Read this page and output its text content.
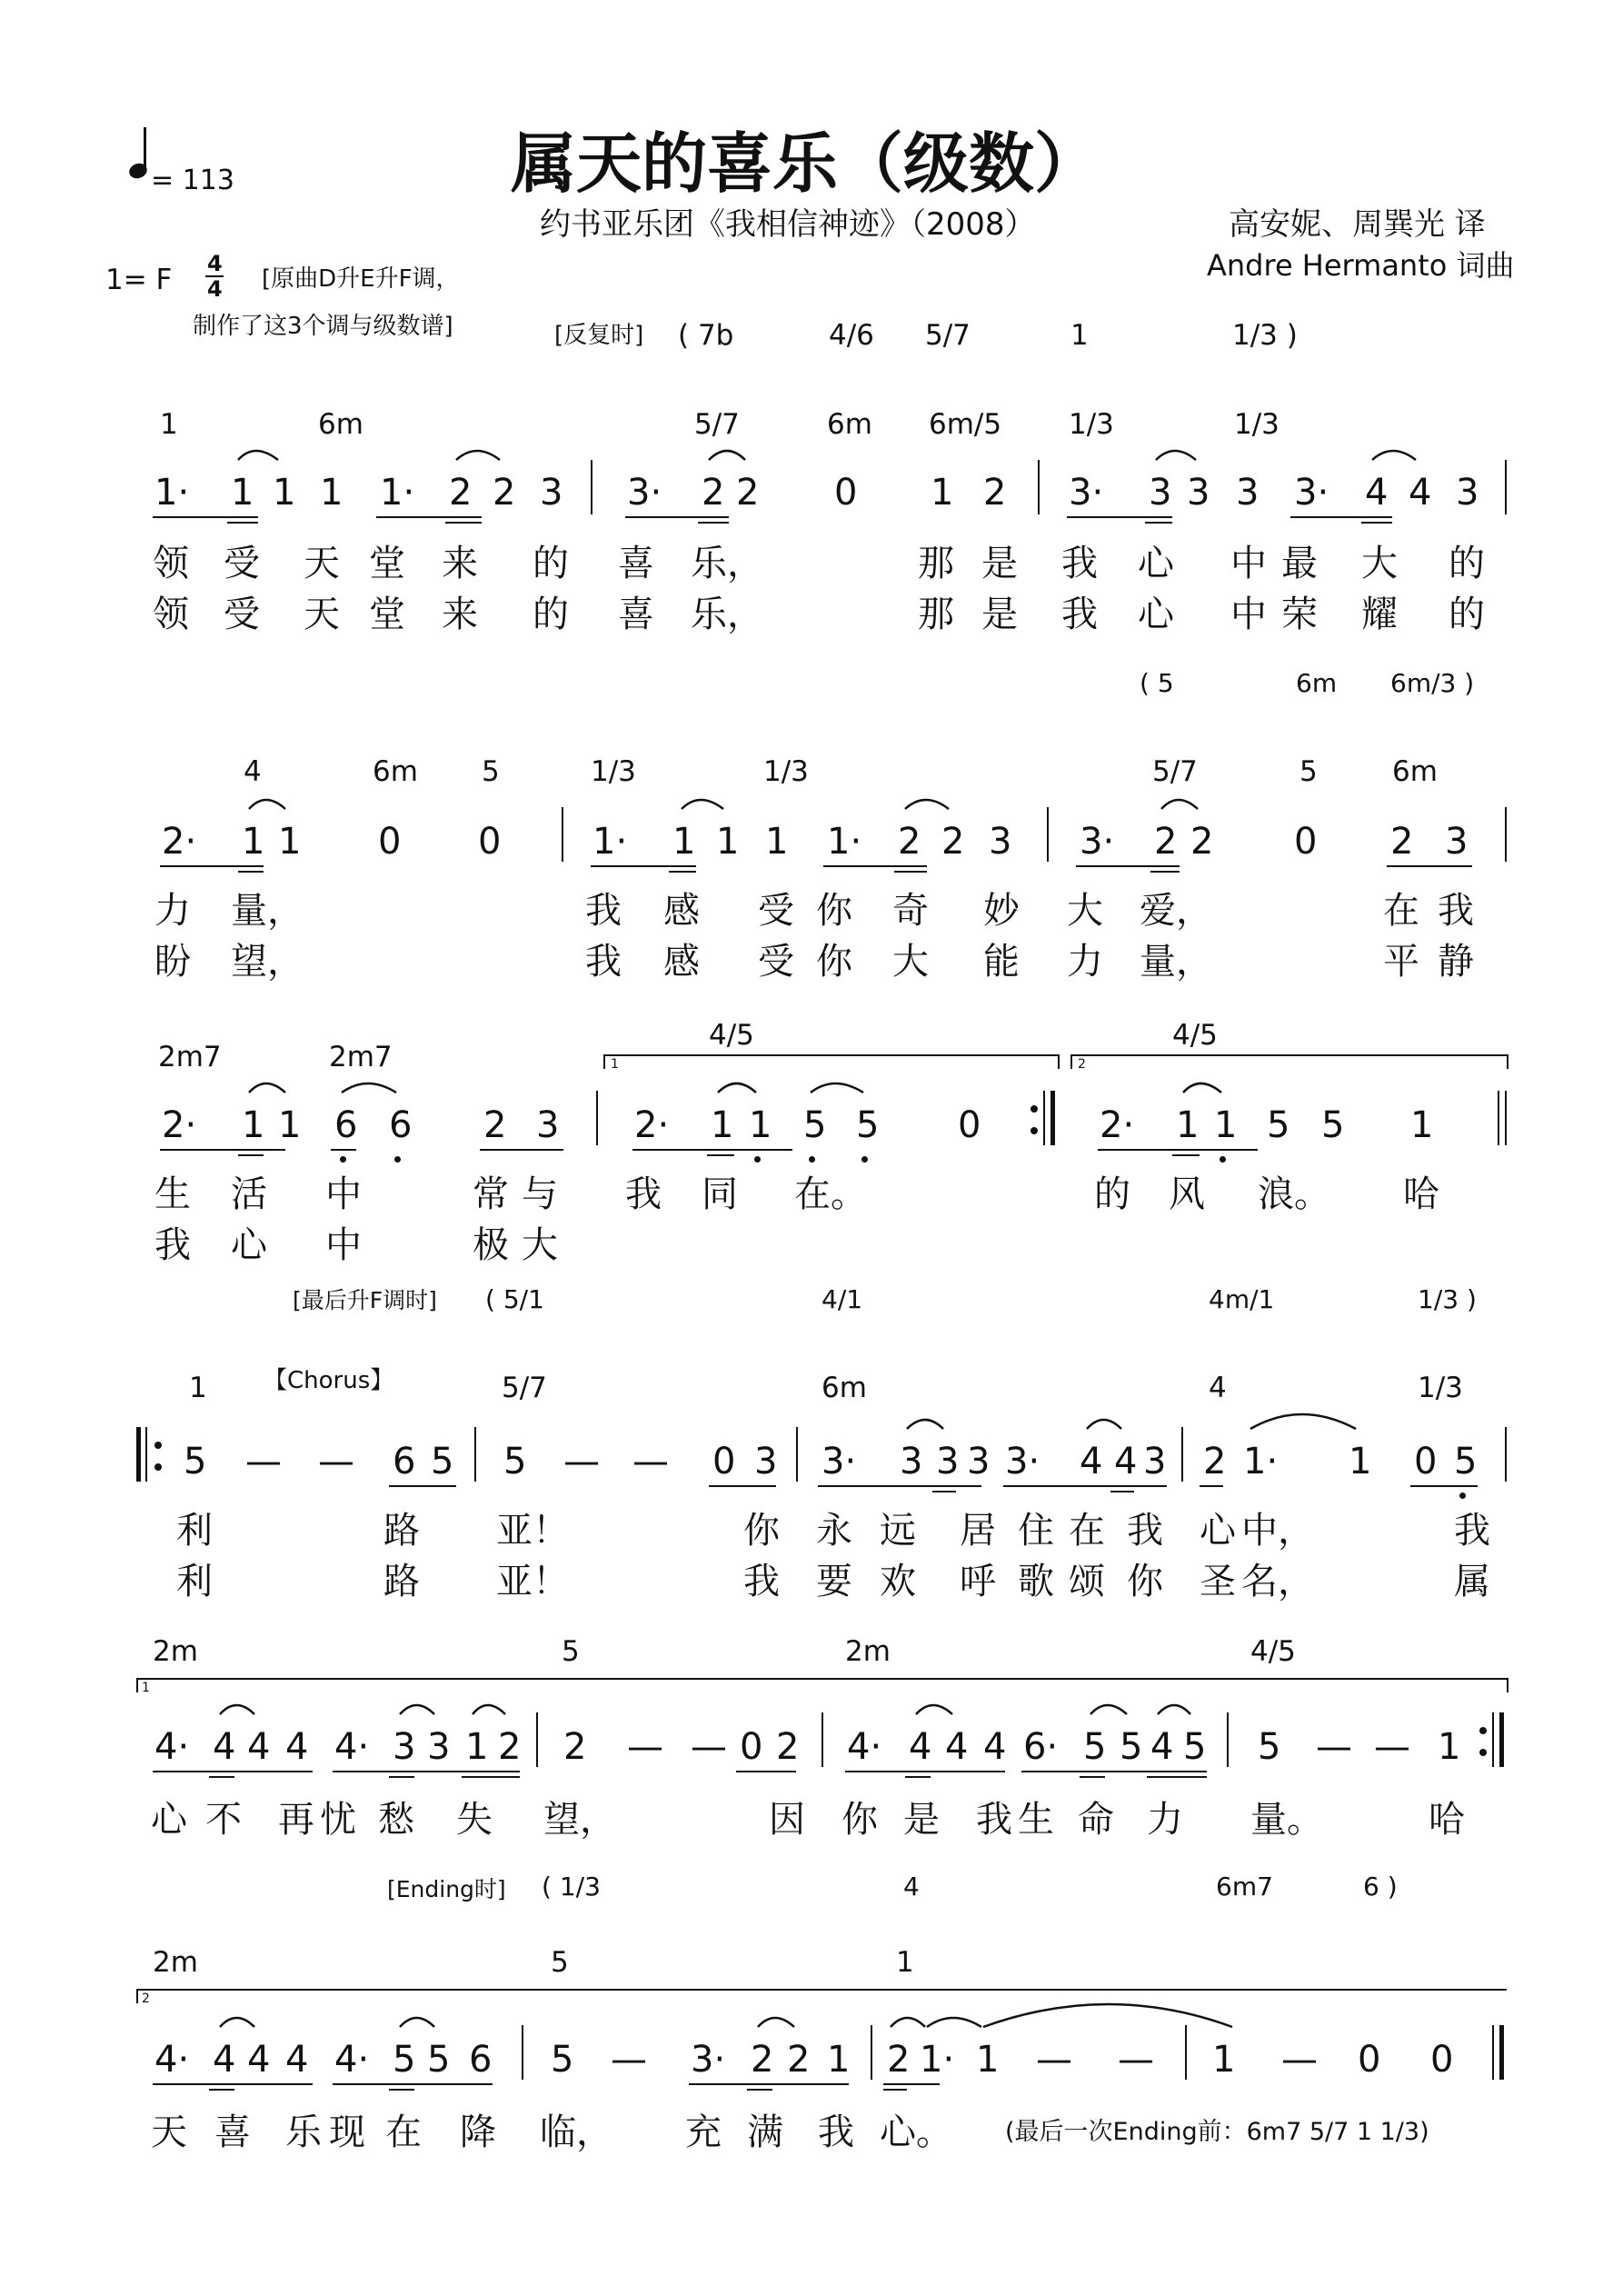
= 113	属天的喜乐（级数）
约书亚乐团《我相信神迹》（2008）	高安妮、周巽光 译
Andre Hermanto 词曲
1= F 4
4 [原曲D升E升F调，
制作了这3个调与级数谱]	[反复时] ( 7b	4/6 5/7	1	1/3 )
1	6m	5/7	6m 6m/5 1/3	1/3
1· 1 1 1 1· 2 2 3 3· 2 2 0 1 2 3· 3 3 3 3· 4 4 3
领 受 天 堂 来 的 喜 乐，	那 是 我 心 中 最 大 的
领 受 天 堂 来 的 喜 乐，	那 是 我 心 中 荣 耀 的
( 5	6m 6m/3 )
4	6m 5	1/3	1/3	5/7	5	6m
2· 1 1 0 0	1· 1 1 1 1· 2 2 3 3· 2 2 0 2 3
力 量，	我 感 受 你 奇 妙 大 爱，	在 我
盼 望，	我 感 受 你 大 能 力 量，	平 静
2m7	2m7
4/5	4/5
1	2
2· 1 1 6 6 2 3 2· 1 1 5 5 0	2· 1 1 5 5 1
生 活 中	常 与 我 同 在。	的 风 浪。 哈
我 心 中	极 大
[最后升F调时] ( 5/1	4/1	4m/1	1/3 )
1 【Chorus】	5/7	6m	4	1/3
5 — — 6 5 5 — — 0 3 3· 3 3 3 3· 4 4 3 2 1· 1 0 5
利	路 亚！	你 永 远 居 住 在 我 心 中，	我
利	路 亚！	我 要 欢 呼 歌 颂 你 圣 名，	属
2m	5	2m	4/5
1
4· 4 4 4 4· 3 3 1 2 2 — — 0 2 4· 4 4 4 6· 5 5 4 5 5 — — 1
心 不 再 忧 愁 失 望，	因 你 是 我 生 命 力 量。	哈
[Ending时] ( 1/3	4	6m7	6 )
2m	5	1
2
4· 4 4 4 4· 5 5 6 5 — 3· 2 2 1 2 1· 1 — — 1 — 0 0
天 喜 乐 现 在 降 临， 充 满 我 心。 (最后一次Ending前：6m7 5/7 1 1/3)
